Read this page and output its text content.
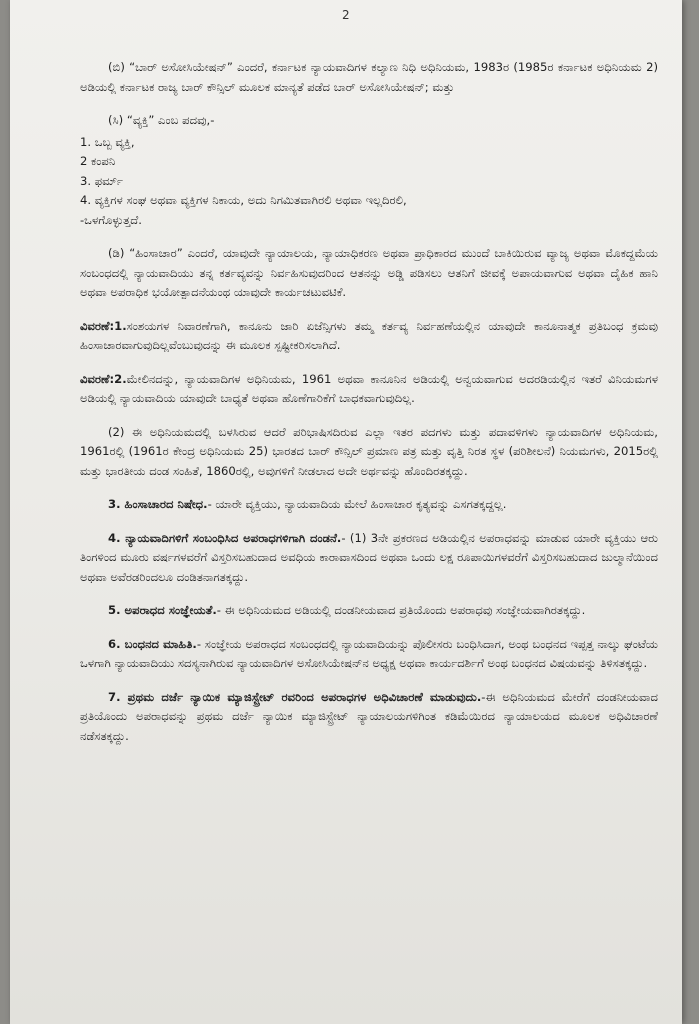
2

(ಬಿ) “ಬಾರ್ ಅಸೋಸಿಯೇಷನ್” ಎಂದರೆ, ಕರ್ನಾಟಕ ನ್ಯಾಯವಾದಿಗಳ ಕಲ್ಯಾಣ ನಿಧಿ ಅಧಿನಿಯಮ, 1983ರ (1985ರ ಕರ್ನಾಟಕ ಅಧಿನಿಯಮ 2) ಅಡಿಯಲ್ಲಿ ಕರ್ನಾಟಕ ರಾಜ್ಯ ಬಾರ್ ಕೌನ್ಸಿಲ್ ಮೂಲಕ ಮಾನ್ಯತೆ ಪಡೆದ ಬಾರ್ ಅಸೋಸಿಯೇಷನ್; ಮತ್ತು

(ಸಿ) “ವ್ಯಕ್ತಿ” ಎಂಬ ಪದವು,-

1. ಒಬ್ಬ ವ್ಯಕ್ತಿ,
2 ಕಂಪನಿ
3. ಫರ್ಮ್
4. ವ್ಯಕ್ತಿಗಳ ಸಂಘ ಅಥವಾ ವ್ಯಕ್ತಿಗಳ ನಿಕಾಯ, ಅದು ನಿಗಮಿತವಾಗಿರಲಿ ಅಥವಾ ಇಲ್ಲದಿರಲಿ,
-ಒಳಗೊಳ್ಳುತ್ತದೆ.

(ಡಿ) “ಹಿಂಸಾಚಾರ” ಎಂದರೆ, ಯಾವುದೇ ನ್ಯಾಯಾಲಯ, ನ್ಯಾಯಾಧಿಕರಣ ಅಥವಾ ಪ್ರಾಧಿಕಾರದ ಮುಂದೆ ಬಾಕಿಯಿರುವ ವ್ಯಾಜ್ಯ ಅಥವಾ ಮೊಕದ್ದಮೆಯ ಸಂಬಂಧದಲ್ಲಿ ನ್ಯಾಯವಾದಿಯು ತನ್ನ ಕರ್ತವ್ಯವನ್ನು ನಿರ್ವಹಿಸುವುದರಿಂದ ಆತನನ್ನು ಅಡ್ಡಿ ಪಡಿಸಲು ಆತನಿಗೆ ಜೀವಕ್ಕೆ ಅಪಾಯವಾಗುವ ಅಥವಾ ದೈಹಿಕ ಹಾನಿ ಅಥವಾ ಅಪರಾಧಿಕ ಭಯೋತ್ಪಾದನೆಯಂಥ ಯಾವುದೇ ಕಾರ್ಯಚಟುವಟಿಕೆ.

ವಿವರಣೆ:1.ಸಂಶಯಗಳ ನಿವಾರಣೆಗಾಗಿ, ಕಾನೂನು ಜಾರಿ ಏಜೆನ್ಸಿಗಳು ತಮ್ಮ ಕರ್ತವ್ಯ ನಿರ್ವಹಣೆಯಲ್ಲಿನ ಯಾವುದೇ ಕಾನೂನಾತ್ಮಕ ಪ್ರತಿಬಂಧ ಕ್ರಮವು ಹಿಂಸಾಚಾರವಾಗುವುದಿಲ್ಲವೆಂಬುವುದನ್ನು ಈ ಮೂಲಕ ಸ್ಪಷ್ಟೀಕರಿಸಲಾಗಿದೆ.

ವಿವರಣೆ:2.ಮೇಲಿನದನ್ನು, ನ್ಯಾಯವಾದಿಗಳ ಅಧಿನಿಯಮ, 1961 ಅಥವಾ ಕಾನೂನಿನ ಅಡಿಯಲ್ಲಿ ಅನ್ವಯವಾಗುವ ಅದರಡಿಯಲ್ಲಿನ ಇತರೆ ವಿನಿಯಮಗಳ ಅಡಿಯಲ್ಲಿ ನ್ಯಾಯವಾದಿಯ ಯಾವುದೇ ಬಾಧ್ಯತೆ ಅಥವಾ ಹೊಣೆಗಾರಿಕೆಗೆ ಬಾಧಕವಾಗುವುದಿಲ್ಲ.

(2) ಈ ಅಧಿನಿಯಮದಲ್ಲಿ ಬಳಸಿರುವ ಆದರೆ ಪರಿಭಾಷಿಸದಿರುವ ಎಲ್ಲಾ ಇತರ ಪದಗಳು ಮತ್ತು ಪದಾವಳಿಗಳು ನ್ಯಾಯವಾದಿಗಳ ಅಧಿನಿಯಮ, 1961ರಲ್ಲಿ (1961ರ ಕೇಂದ್ರ ಅಧಿನಿಯಮ 25) ಭಾರತದ ಬಾರ್ ಕೌನ್ಸಿಲ್ ಪ್ರಮಾಣ ಪತ್ರ ಮತ್ತು ವೃತ್ತಿ ನಿರತ ಸ್ಥಳ (ಪರಿಶೀಲನೆ) ನಿಯಮಗಳು, 2015ರಲ್ಲಿ ಮತ್ತು ಭಾರತೀಯ ದಂಡ ಸಂಹಿತೆ, 1860ರಲ್ಲಿ, ಅವುಗಳಿಗೆ ನೀಡಲಾದ ಅದೇ ಅರ್ಥವನ್ನು ಹೊಂದಿರತಕ್ಕದ್ದು.

3. ಹಿಂಸಾಚಾರದ ನಿಷೇಧ.- ಯಾರೇ ವ್ಯಕ್ತಿಯು, ನ್ಯಾಯವಾದಿಯ ಮೇಲೆ ಹಿಂಸಾಚಾರ ಕೃತ್ಯವನ್ನು ಎಸಗತಕ್ಕದ್ದಲ್ಲ.

4. ನ್ಯಾಯವಾದಿಗಳಿಗೆ ಸಂಬಂಧಿಸಿದ ಅಪರಾಧಗಳಿಗಾಗಿ ದಂಡನೆ.- (1) 3ನೇ ಪ್ರಕರಣದ ಅಡಿಯಲ್ಲಿನ ಅಪರಾಧವನ್ನು ಮಾಡುವ ಯಾರೇ ವ್ಯಕ್ತಿಯು ಆರು ತಿಂಗಳಿಂದ ಮೂರು ವರ್ಷಗಳವರೆಗೆ ವಿಸ್ತರಿಸಬಹುದಾದ ಅವಧಿಯ ಕಾರಾವಾಸದಿಂದ ಅಥವಾ ಒಂದು ಲಕ್ಷ ರೂಪಾಯಿಗಳವರೆಗೆ ವಿಸ್ತರಿಸಬಹುದಾದ ಜುಲ್ಮಾನೆಯಿಂದ ಅಥವಾ ಅವೆರಡರಿಂದಲೂ ದಂಡಿತನಾಗತಕ್ಕದ್ದು.

5. ಅಪರಾಧದ ಸಂಜ್ಞೇಯತೆ.- ಈ ಅಧಿನಿಯಮದ ಅಡಿಯಲ್ಲಿ ದಂಡನೀಯವಾದ ಪ್ರತಿಯೊಂದು ಅಪರಾಧವು ಸಂಜ್ಞೇಯವಾಗಿರತಕ್ಕದ್ದು.

6. ಬಂಧನದ ಮಾಹಿತಿ.- ಸಂಜ್ಞೇಯ ಅಪರಾಧದ ಸಂಬಂಧದಲ್ಲಿ ನ್ಯಾಯವಾದಿಯನ್ನು ಪೊಲೀಸರು ಬಂಧಿಸಿದಾಗ, ಅಂಥ ಬಂಧನದ ಇಪ್ಪತ್ತ ನಾಲ್ಕು ಘಂಟೆಯ ಒಳಗಾಗಿ ನ್ಯಾಯವಾದಿಯು ಸದಸ್ಯನಾಗಿರುವ ನ್ಯಾಯವಾದಿಗಳ ಅಸೋಸಿಯೇಷನ್‌ನ ಅಧ್ಯಕ್ಷ ಅಥವಾ ಕಾರ್ಯದರ್ಶಿಗೆ ಅಂಥ ಬಂಧನದ ವಿಷಯವನ್ನು ತಿಳಿಸತಕ್ಕದ್ದು.

7. ಪ್ರಥಮ ದರ್ಜೆ ನ್ಯಾಯಿಕ ಮ್ಯಾಜಿಸ್ಟ್ರೇಟ್ ರವರಿಂದ ಅಪರಾಧಗಳ ಅಧಿವಿಚಾರಣೆ ಮಾಡುವುದು.-ಈ ಅಧಿನಿಯಮದ ಮೇರೆಗೆ ದಂಡನೀಯವಾದ ಪ್ರತಿಯೊಂದು ಅಪರಾಧವನ್ನು ಪ್ರಥಮ ದರ್ಜೆ ನ್ಯಾಯಿಕ ಮ್ಯಾಜಿಸ್ಟ್ರೇಟ್ ನ್ಯಾಯಾಲಯಗಳಿಗಿಂತ ಕಡಿಮೆಯಿರದ ನ್ಯಾಯಾಲಯದ ಮೂಲಕ ಅಧಿವಿಚಾರಣೆ ನಡೆಸತಕ್ಕದ್ದು.
